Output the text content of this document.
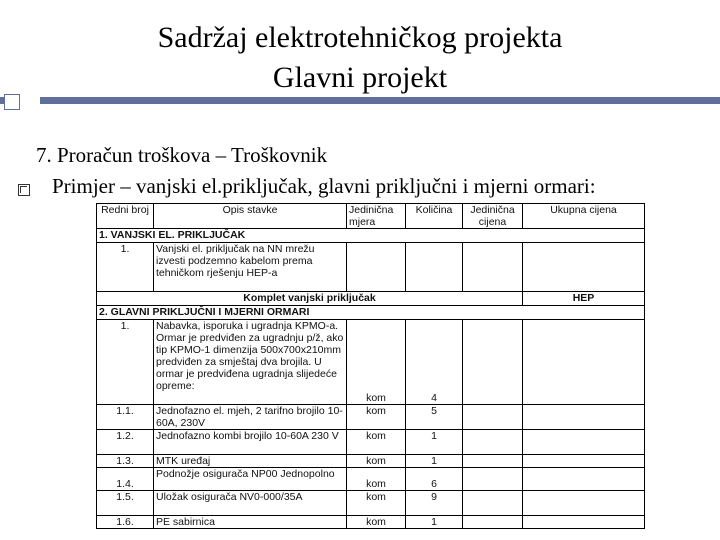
Sadržaj elektrotehničkog projekta
Glavni projekt
7. Proračun troškova – Troškovnik
Primjer – vanjski el.priključak, glavni priključni i mjerni ormari:
Redni broj	Opis stavke	Jedinična mjera	Količina	Jedinična cijena	Ukupna cijena
1. VANJSKI EL. PRIKLJUČAK					
1.	Vanjski el. priključak na NN mrežu izvesti podzemno kabelom prema tehničkom rješenju HEP-a				
Komplet vanjski priključak					HEP
2. GLAVNI PRIKLJUČNI I MJERNI ORMARI					
1.	Nabavka, isporuka i ugradnja KPMO-a. Ormar je predviđen za ugradnju p/ž, ako tip KPMO-1 dimenzija 500x700x210mm predviđen za smještaj dva brojila. U ormar je predviđena ugradnja slijedeće opreme:	kom	4		
1.1.	Jednofazno el. mjeh, 2 tarifno brojilo 10-60A, 230V	kom	5		
1.2.	Jednofazno kombi brojilo 10-60A 230 V	kom	1		
1.3.	MTK uređaj	kom	1		
1.4.	Podnožje osigurača NP00 Jednopolno	kom	6		
1.5.	Uložak osigurača NV0-000/35A	kom	9		
1.6.	PE sabirnica	kom	1		
